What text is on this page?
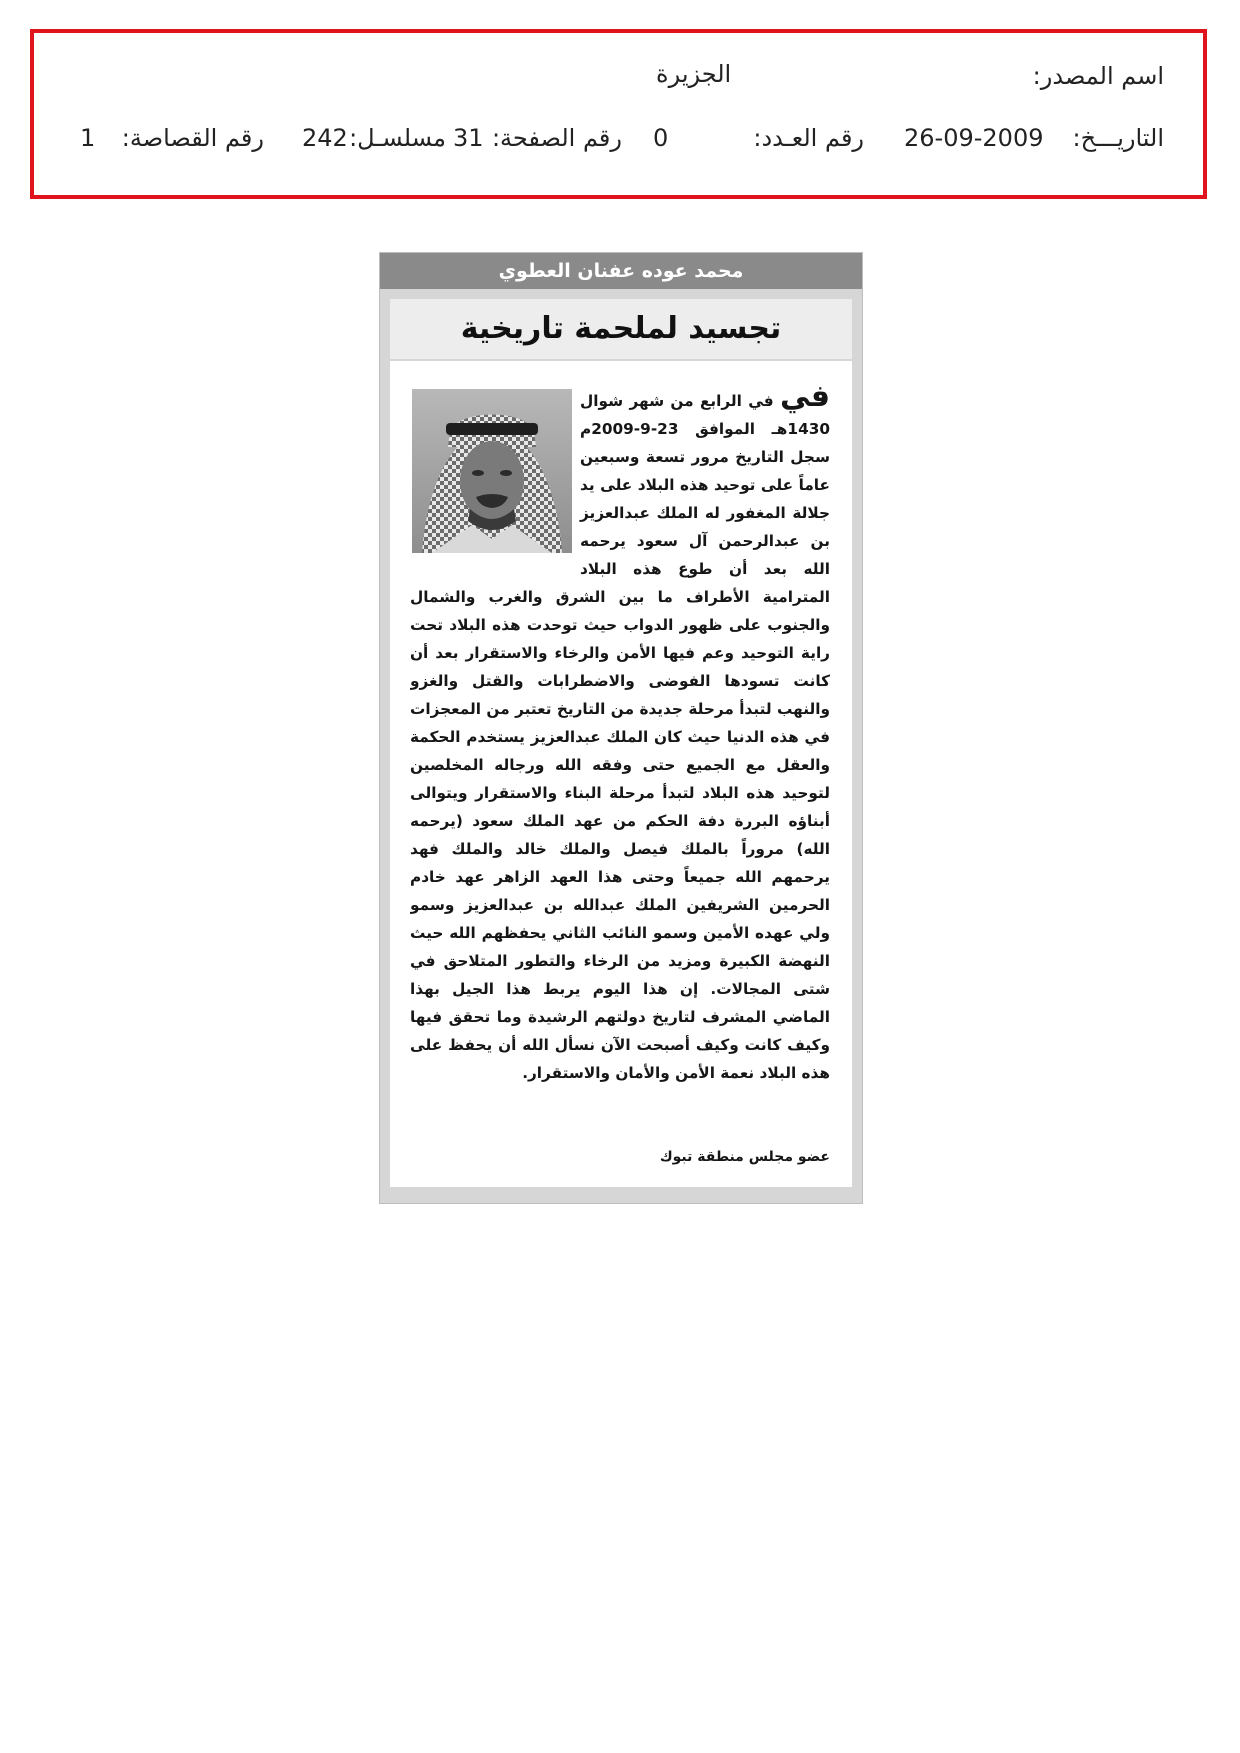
اسم المصدر:
الجزيرة
التاريـــخ:
26-09-2009
رقم العـدد:
0
رقم الصفحة:
31
مسلسـل:
242
رقم القصاصة:
1
محمد عوده عفنان العطوي
تجسيد لملحمة تاريخية
في في الرابع من شهر شوال 1430هـ الموافق 23-9-2009م سجل التاريخ مرور تسعة وسبعين عاماً على توحيد هذه البلاد على يد جلالة المغفور له الملك عبدالعزيز بن عبدالرحمن آل سعود يرحمه الله بعد أن طوع هذه البلاد المترامية الأطراف ما بين الشرق والغرب والشمال والجنوب على ظهور الدواب حيث توحدت هذه البلاد تحت راية التوحيد وعم فيها الأمن والرخاء والاستقرار بعد أن كانت تسودها الفوضى والاضطرابات والقتل والغزو والنهب لتبدأ مرحلة جديدة من التاريخ تعتبر من المعجزات في هذه الدنيا حيث كان الملك عبدالعزيز يستخدم الحكمة والعقل مع الجميع حتى وفقه الله ورجاله المخلصين لتوحيد هذه البلاد لتبدأ مرحلة البناء والاستقرار ويتوالى أبناؤه البررة دفة الحكم من عهد الملك سعود (يرحمه الله) مروراً بالملك فيصل والملك خالد والملك فهد يرحمهم الله جميعاً وحتى هذا العهد الزاهر عهد خادم الحرمين الشريفين الملك عبدالله بن عبدالعزيز وسمو ولي عهده الأمين وسمو النائب الثاني يحفظهم الله حيث النهضة الكبيرة ومزيد من الرخاء والتطور المتلاحق في شتى المجالات. إن هذا اليوم يربط هذا الجيل بهذا الماضي المشرف لتاريخ دولتهم الرشيدة وما تحقق فيها وكيف كانت وكيف أصبحت الآن نسأل الله أن يحفظ على هذه البلاد نعمة الأمن والأمان والاستقرار.
عضو مجلس منطقة تبوك
